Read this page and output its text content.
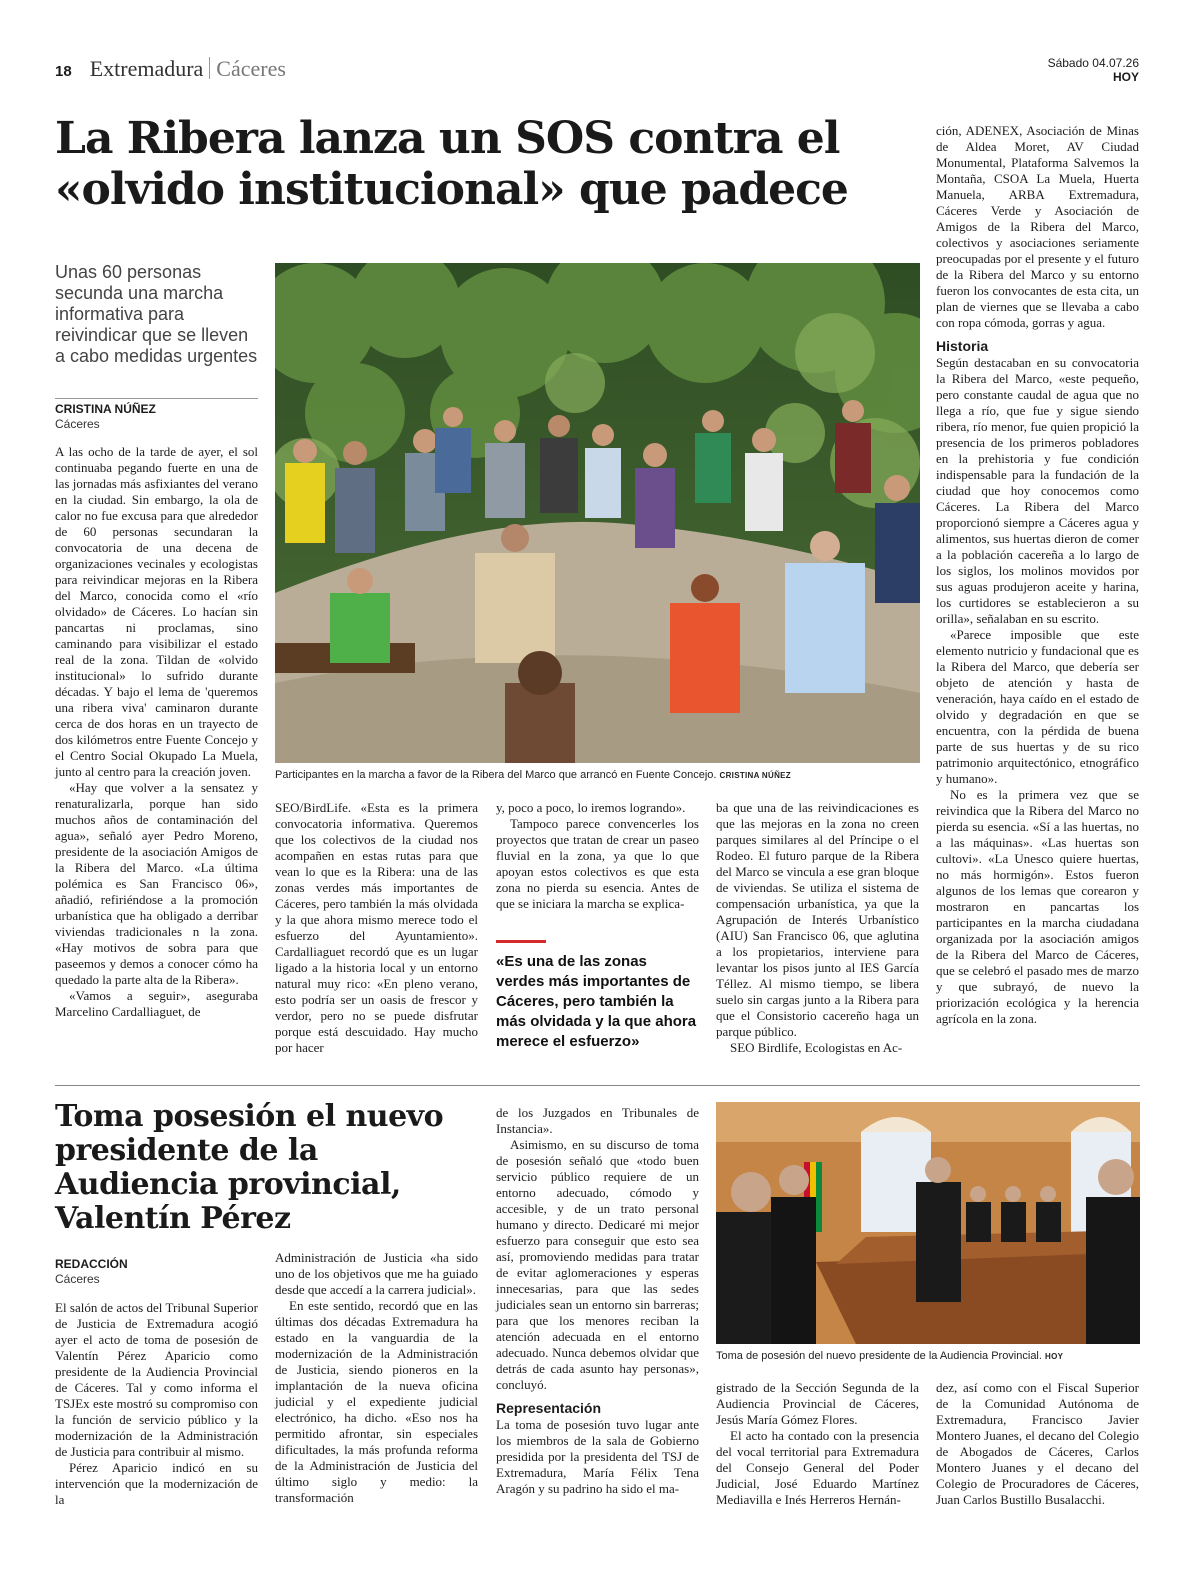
18 Extremadura Cáceres	Sábado 04.07.26
HOY
La Ribera lanza un SOS contra el
«olvido institucional» que padece
Unas 60 personas secunda una marcha informativa para reivindicar que se lleven a cabo medidas urgentes
CRISTINA NÚÑEZ
Cáceres
Participantes en la marcha a favor de la Ribera del Marco que arrancó en Fuente Concejo. CRISTINA NÚÑEZ

A las ocho de la tarde de ayer, el sol continuaba pegando fuerte en una de las jornadas más asfixiantes del verano en la ciudad. Sin embargo, la ola de calor no fue excusa para que alrededor de 60 personas secundaran la convocatoria de una decena de organizaciones vecinales y ecologistas para reivindicar mejoras en la Ribera del Marco, conocida como el «río olvidado» de Cáceres. Lo hacían sin pancartas ni proclamas, sino caminando para visibilizar el estado real de la zona. Tildan de «olvido institucional» lo sufrido durante décadas. Y bajo el lema de 'queremos una ribera viva' caminaron durante cerca de dos horas en un trayecto de dos kilómetros entre Fuente Concejo y el Centro Social Okupado La Muela, junto al centro para la creación joven.

«Hay que volver a la sensatez y renaturalizarla, porque han sido muchos años de contaminación del agua», señaló ayer Pedro Moreno, presidente de la asociación Amigos de la Ribera del Marco. «La última polémica es San Francisco 06», añadió, refiriéndose a la promoción urbanística que ha obligado a derribar viviendas tradicionales n la zona. «Hay motivos de sobra para que paseemos y demos a conocer cómo ha quedado la parte alta de la Ribera».

«Vamos a seguir», aseguraba Marcelino Cardalliaguet, de

SEO/BirdLife. «Esta es la primera convocatoria informativa. Queremos que los colectivos de la ciudad nos acompañen en estas rutas para que vean lo que es la Ribera: una de las zonas verdes más importantes de Cáceres, pero también la más olvidada y la que ahora mismo merece todo el esfuerzo del Ayuntamiento». Cardalliaguet recordó que es un lugar ligado a la historia local y un entorno natural muy rico: «En pleno verano, esto podría ser un oasis de frescor y verdor, pero no se puede disfrutar porque está descuidado. Hay mucho por hacer

y, poco a poco, lo iremos logrando».

Tampoco parece convencerles los proyectos que tratan de crear un paseo fluvial en la zona, ya que lo que apoyan estos colectivos es que esta zona no pierda su esencia. Antes de que se iniciara la marcha se explica-

«Es una de las zonas verdes más importantes de Cáceres, pero también la más olvidada y la que ahora merece el esfuerzo»

ba que una de las reivindicaciones es que las mejoras en la zona no creen parques similares al del Príncipe o el Rodeo. El futuro parque de la Ribera del Marco se vincula a ese gran bloque de viviendas. Se utiliza el sistema de compensación urbanística, ya que la Agrupación de Interés Urbanístico (AIU) San Francisco 06, que aglutina a los propietarios, interviene para levantar los pisos junto al IES García Téllez. Al mismo tiempo, se libera suelo sin cargas junto a la Ribera para que el Consistorio cacereño haga un parque público.

SEO Birdlife, Ecologistas en Ac-

ción, ADENEX, Asociación de Minas de Aldea Moret, AV Ciudad Monumental, Plataforma Salvemos la Montaña, CSOA La Muela, Huerta Manuela, ARBA Extremadura, Cáceres Verde y Asociación de Amigos de la Ribera del Marco, colectivos y asociaciones seriamente preocupadas por el presente y el futuro de la Ribera del Marco y su entorno fueron los convocantes de esta cita, un plan de viernes que se llevaba a cabo con ropa cómoda, gorras y agua.

Historia

Según destacaban en su convocatoria la Ribera del Marco, «este pequeño, pero constante caudal de agua que no llega a río, que fue y sigue siendo ribera, río menor, fue quien propició la presencia de los primeros pobladores en la prehistoria y fue condición indispensable para la fundación de la ciudad que hoy conocemos como Cáceres. La Ribera del Marco proporcionó siempre a Cáceres agua y alimentos, sus huertas dieron de comer a la población cacereña a lo largo de los siglos, los molinos movidos por sus aguas produjeron aceite y harina, los curtidores se establecieron a su orilla», señalaban en su escrito.

«Parece imposible que este elemento nutricio y fundacional que es la Ribera del Marco, que debería ser objeto de atención y hasta de veneración, haya caído en el estado de olvido y degradación en que se encuentra, con la pérdida de buena parte de sus huertas y de su rico patrimonio arquitectónico, etnográfico y humano».

No es la primera vez que se reivindica que la Ribera del Marco no pierda su esencia. «Sí a las huertas, no a las máquinas». «Las huertas son cultovi». «La Unesco quiere huertas, no más hormigón». Estos fueron algunos de los lemas que corearon y mostraron en pancartas los participantes en la marcha ciudadana organizada por la asociación amigos de la Ribera del Marco de Cáceres, que se celebró el pasado mes de marzo y que subrayó, de nuevo la priorización ecológica y la herencia agrícola en la zona.

Toma posesión el nuevo presidente de la Audiencia provincial, Valentín Pérez
REDACCIÓN
Cáceres

El salón de actos del Tribunal Superior de Justicia de Extremadura acogió ayer el acto de toma de posesión de Valentín Pérez Aparicio como presidente de la Audiencia Provincial de Cáceres. Tal y como informa el TSJEx este mostró su compromiso con la función de servicio público y la modernización de la Administración de Justicia para contribuir al mismo.

Pérez Aparicio indicó en su intervención que la modernización de la

Administración de Justicia «ha sido uno de los objetivos que me ha guiado desde que accedí a la carrera judicial».

En este sentido, recordó que en las últimas dos décadas Extremadura ha estado en la vanguardia de la modernización de la Administración de Justicia, siendo pioneros en la implantación de la nueva oficina judicial y el expediente judicial electrónico, ha dicho. «Eso nos ha permitido afrontar, sin especiales dificultades, la más profunda reforma de la Administración de Justicia del último siglo y medio: la transformación

de los Juzgados en Tribunales de Instancia».

Asimismo, en su discurso de toma de posesión señaló que «todo buen servicio público requiere de un entorno adecuado, cómodo y accesible, y de un trato personal humano y directo. Dedicaré mi mejor esfuerzo para conseguir que esto sea así, promoviendo medidas para tratar de evitar aglomeraciones y esperas innecesarias, para que las sedes judiciales sean un entorno sin barreras; para que los menores reciban la atención adecuada en el entorno adecuado. Nunca debemos olvidar que detrás de cada asunto hay personas», concluyó.

Representación

La toma de posesión tuvo lugar ante los miembros de la sala de Gobierno presidida por la presidenta del TSJ de Extremadura, María Félix Tena Aragón y su padrino ha sido el ma-

Toma de posesión del nuevo presidente de la Audiencia Provincial. HOY

gistrado de la Sección Segunda de la Audiencia Provincial de Cáceres, Jesús María Gómez Flores.

El acto ha contado con la presencia del vocal territorial para Extremadura del Consejo General del Poder Judicial, José Eduardo Martínez Mediavilla e Inés Herreros Hernán-

dez, así como con el Fiscal Superior de la Comunidad Autónoma de Extremadura, Francisco Javier Montero Juanes, el decano del Colegio de Abogados de Cáceres, Carlos Montero Juanes y el decano del Colegio de Procuradores de Cáceres, Juan Carlos Bustillo Busalacchi.
